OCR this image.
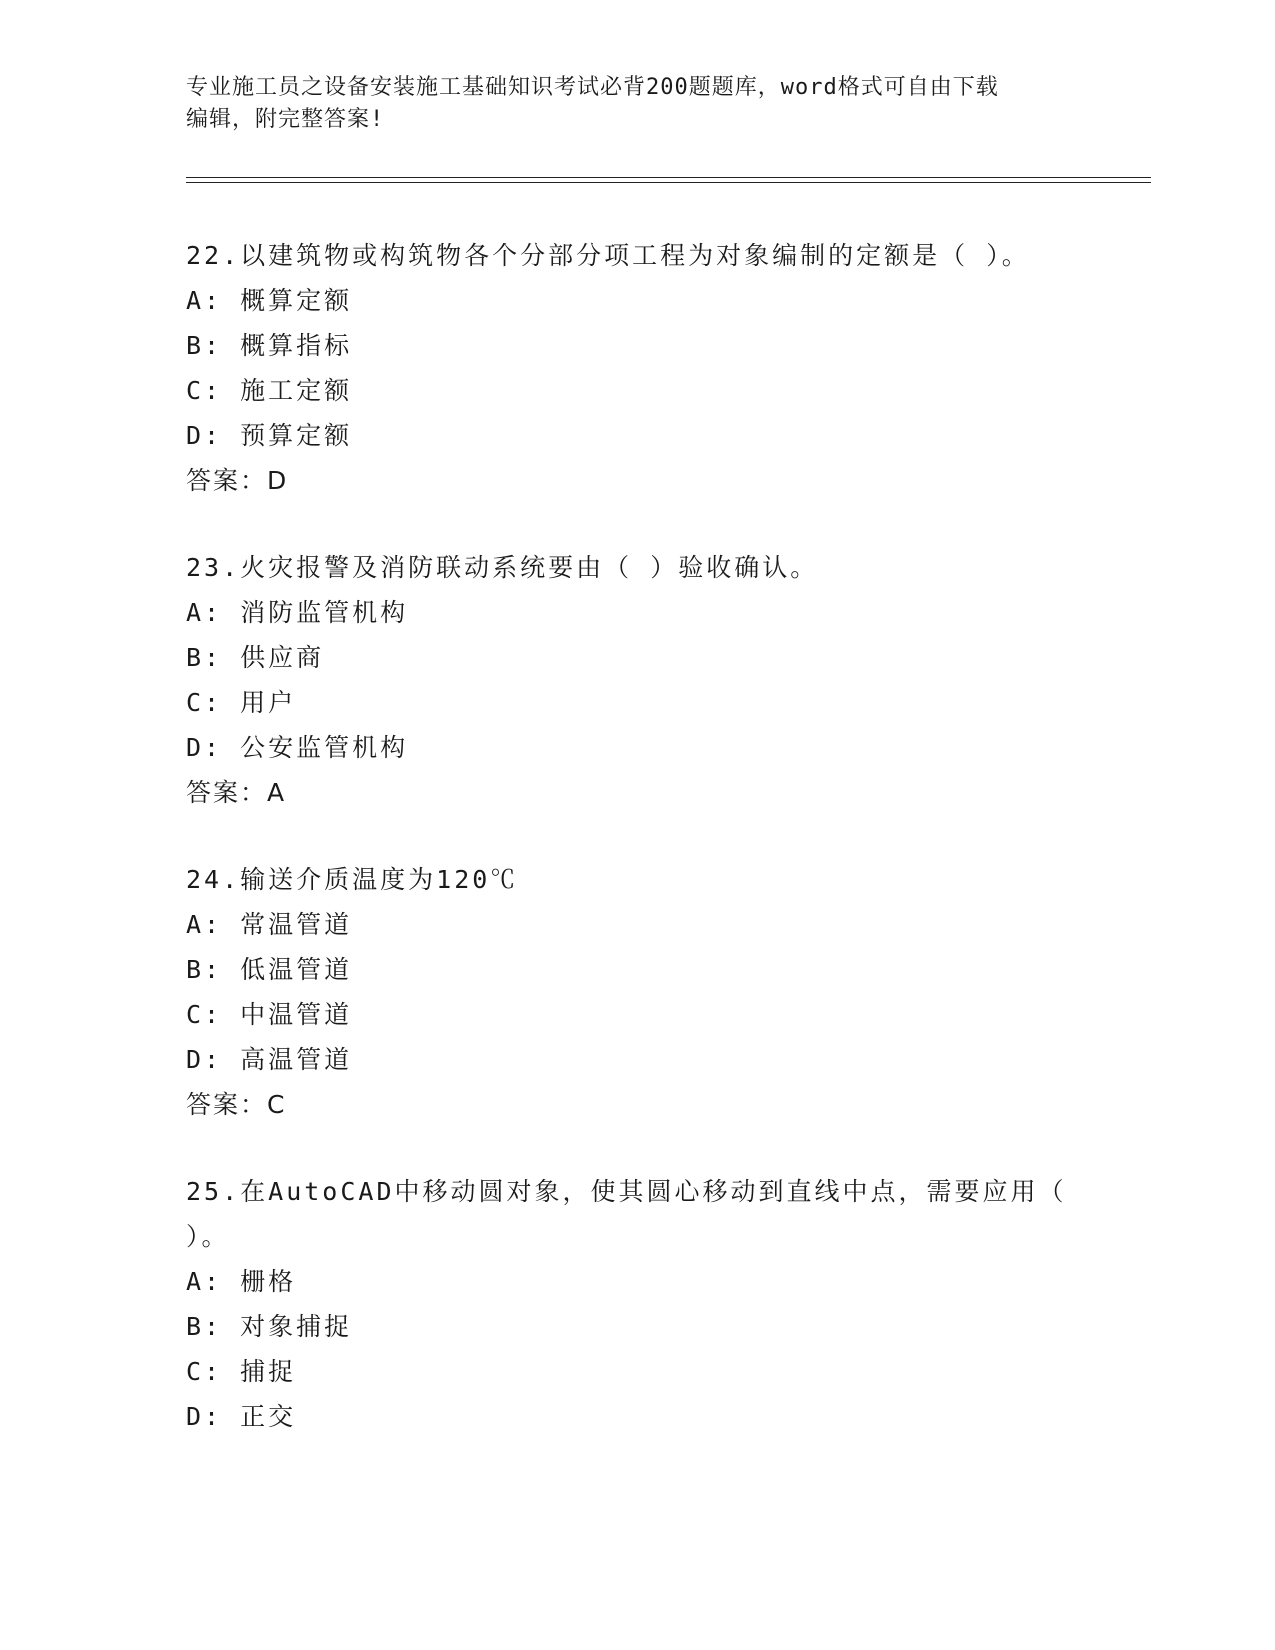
专业施工员之设备安装施工基础知识考试必背200题题库，word格式可自由下载
编辑，附完整答案!
22.以建筑物或构筑物各个分部分项工程为对象编制的定额是（ ）。
A: 概算定额
B: 概算指标
C: 施工定额
D: 预算定额
答案：D
23.火灾报警及消防联动系统要由（ ）验收确认。
A: 消防监管机构
B: 供应商
C: 用户
D: 公安监管机构
答案：A
24.输送介质温度为120℃
A: 常温管道
B: 低温管道
C: 中温管道
D: 高温管道
答案：C
25.在AutoCAD中移动圆对象，使其圆心移动到直线中点，需要应用（
）。
A: 栅格
B: 对象捕捉
C: 捕捉
D: 正交
